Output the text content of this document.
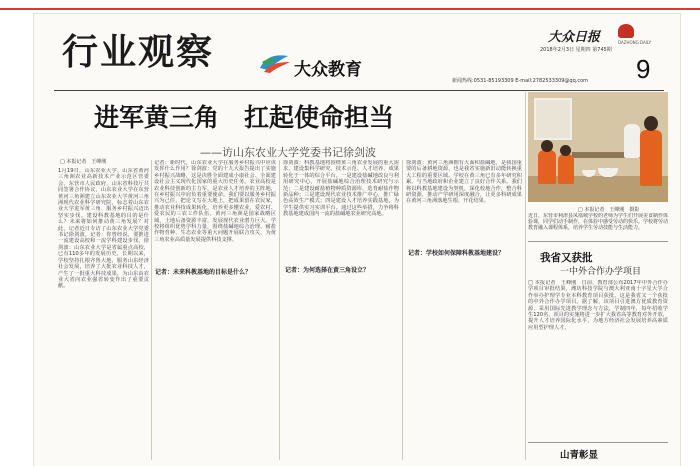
行业观察	大众教育
大众日报	DAZHONG DAILY
2018年2月3日 星期四 第745期
新闻热线:0531-85193309 E-mail:2782533309@qq.com 9
进军黄三角　扛起使命担当
——访山东农业大学党委书记徐剑波
□ 本报记者　王峰刚
1月19日，山东农业大学、山东省黄河三角洲农业高新技术产业示范区管委会、东营市人民政府，山东省科技厅共同签署合作协议，山东农业大学在东营黄河三角洲建立山东农业大学黄河三角洲现代农业科学研究院，标志着山东农业大学进军黄三角、服务乡村振兴迈出坚实步伐。建设科教基地的目的是什么？未来将如何推动黄三角发展？对此，记者近日专访了山东农业大学党委书记徐剑波。记者：你曾经说，要推进一流建设高校和一流学科建设步伐。徐剑波：山东农业大学是省属重点高校，已有110多年的发展历史，长期以来，学校坚持扎根齐鲁大地，服务山东经济社会发展，培养了大批农业科技人才，产生了一批重大科技成果，为山东由农业大省向农业强省转变作出了重要贡献。
记者：新时代，山东农业大学在服务乡村振兴中应该发挥什么作用？徐剑波：党的十九大报告提出了实施乡村振兴战略，这是决胜全面建成小康社会、全面建设社会主义现代化国家的重大历史任务。农业高校是农业科技创新的主力军，是农业人才培养的主阵地，在乡村振兴中肩负着重要使命。我们要以服务乡村振兴为己任，把论文写在大地上，把成果留在农民家，推动农业科技成果转化，培养更多懂农业、爱农村、爱农民的三农工作队伍。黄河三角洲是国家战略区域，土地后备资源丰富，发展现代农业潜力巨大。学校将组织优势学科力量，围绕盐碱地综合治理、耐盐作物育种、生态农业等重大问题开展联合攻关，为黄三角农业高质量发展提供科技支撑。
徐剑波：科教基地将围绕黄三角农业发展的重大需求，建设集科学研究、技术示范、人才培养、成果转化于一体的综合平台。一是建设盐碱地改良与利用研究中心，开展盐碱地综合治理技术研究与示范；二是建设耐盐植物种质资源库，选育耐盐作物新品种；三是建设现代农业技术推广中心，推广绿色高效生产模式；四是建设人才培养实践基地，为学生提供实习实训平台。通过这些举措，力争将科教基地建成国内一流的盐碱地农业研究高地。
徐剑波：黄河三角洲拥有大面积盐碱地，是我国重要的后备耕地资源，也是我省实施新旧动能转换重大工程的重要区域。学校在黄三角已有多年研究积累，与当地政府和企业建立了良好合作关系。我们将以科教基地建设为契机，深化校地合作，整合科研资源，推动产学研用深度融合，让更多科研成果在黄河三角洲落地生根、开花结果。
记者：未来科教基地的目标是什么？	记者：为何选择在黄三角设立？
记者：学校如何保障科教基地建设？
□ 本报记者　王峰刚　摄影
近日，东营市利津县凤凰城学校的老师为学生们开展美食制作体验课，同学们动手制作，在体验中感受劳动的快乐。学校将劳动教育融入课程体系，培养学生劳动技能与生活能力。
我省又获批
一中外合作办学项目
□ 本报记者　王峰刚　日前，教育部公布2017年中外合作办学项目审批结果，潍坊科技学院与澳大利亚南十字星大学合作举办护理学专业本科教育项目获批。这是我省又一个获批的中外合作办学项目。据了解，该项目引进澳方优质教育资源，采用国际先进教学理念与方法，学制四年，每年招收学生120名。项目的实施将进一步扩大我省高等教育对外开放，提升人才培养国际化水平，为地方经济社会发展培养高素质应用型护理人才。
山青彰显
